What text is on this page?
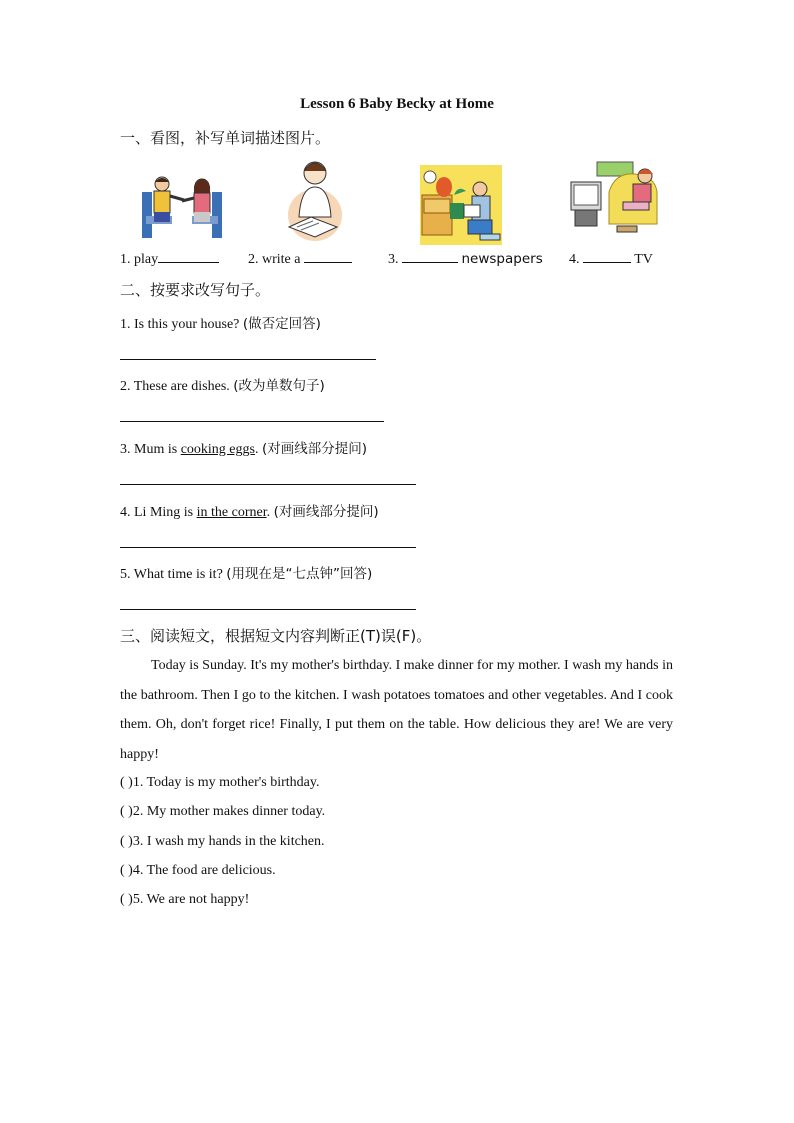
Lesson 6 Baby Becky at Home
一、看图，补写单词描述图片。
1. play	2. write a	3.	newspapers 4.	TV
二、按要求改写句子。
1. Is this your house? (做否定回答)
2. These are dishes. (改为单数句子)
3. Mum is cooking eggs. (对画线部分提问)
4. Li Ming is in the corner. (对画线部分提问)
5. What time is it? (用现在是“七点钟”回答)
三、阅读短文，根据短文内容判断正(T)误(F)。

Today is Sunday. It's my mother's birthday. I make dinner for my mother. I wash my hands in the bathroom. Then I go to the kitchen. I wash potatoes tomatoes and other vegetables. And I cook them. Oh, don't forget rice! Finally, I put them on the table. How delicious they are! We are very happy!

( )1. Today is my mother's birthday.
( )2. My mother makes dinner today.
( )3. I wash my hands in the kitchen.
( )4. The food are delicious.
( )5. We are not happy!
